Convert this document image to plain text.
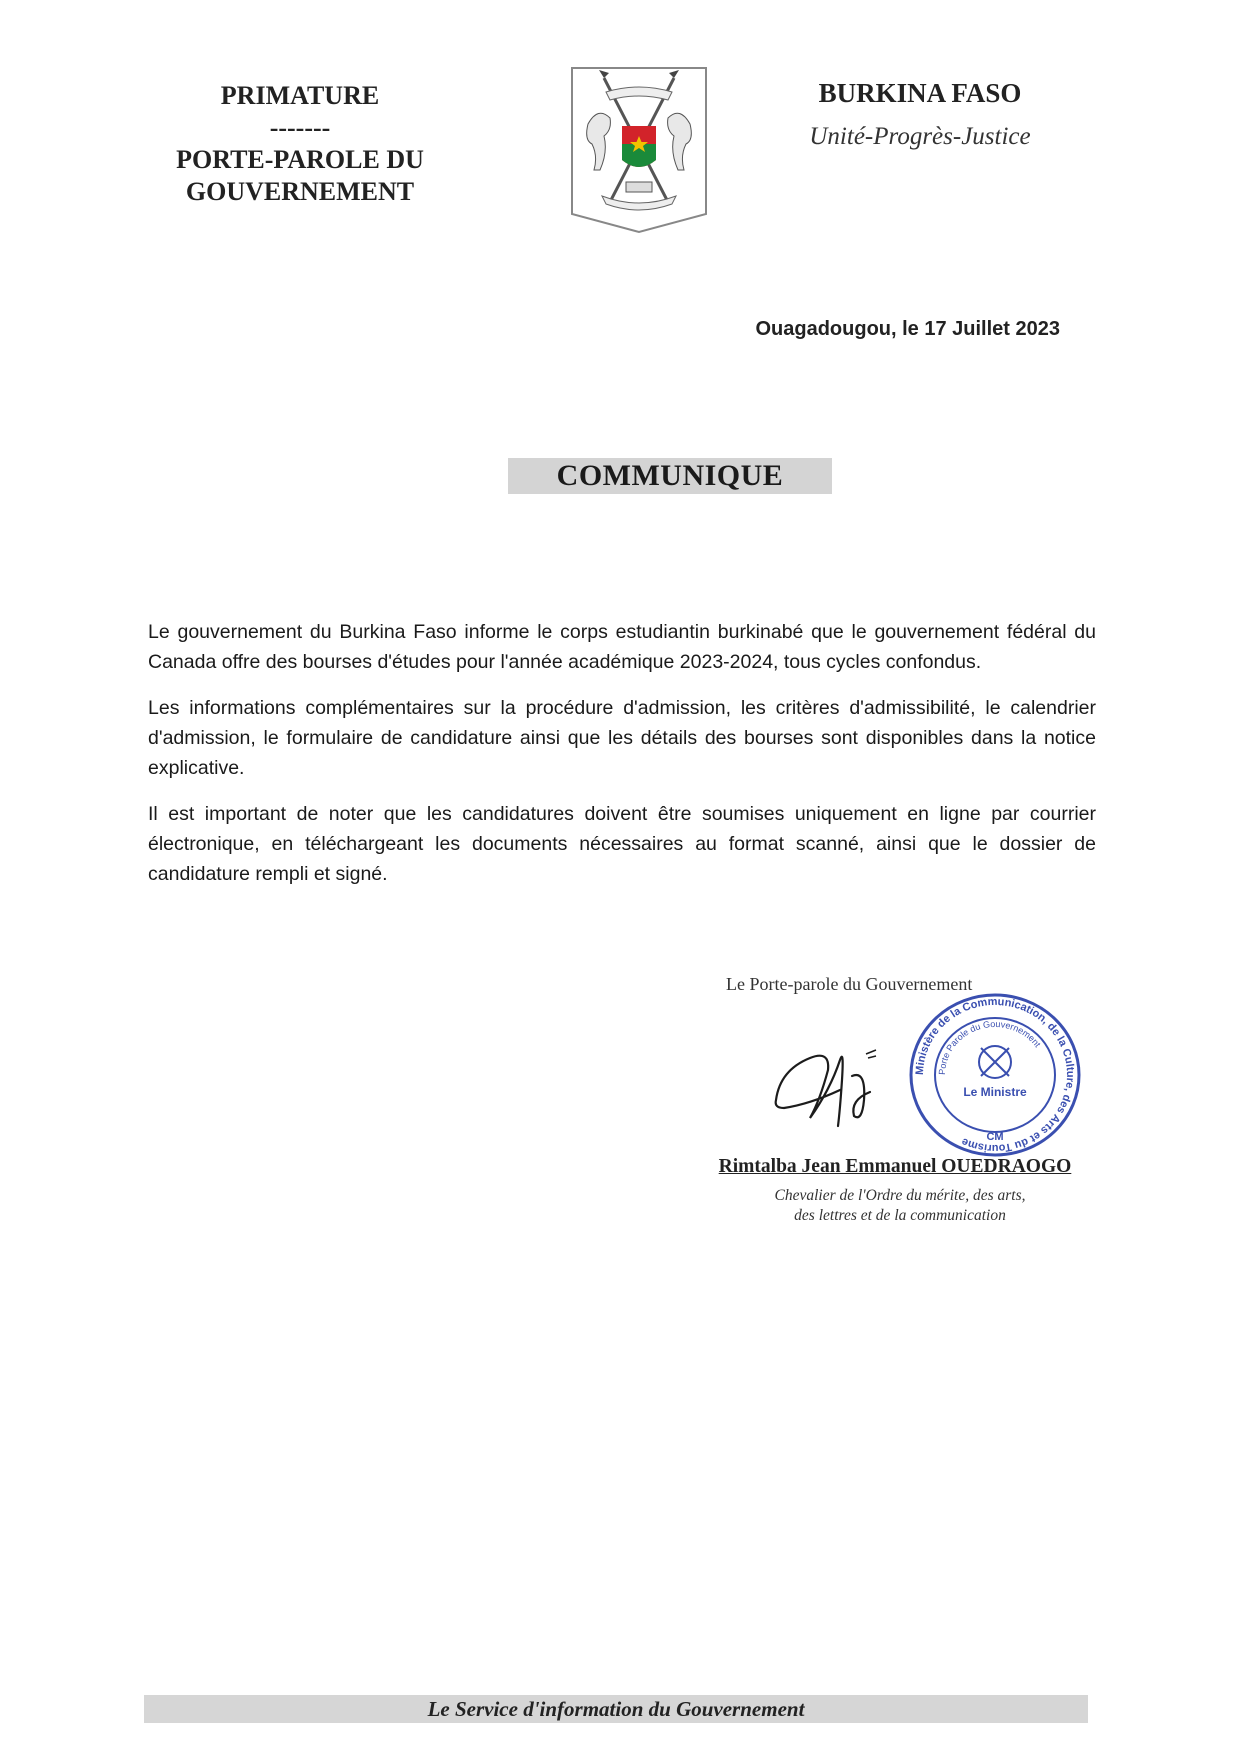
PRIMATURE
-------
PORTE-PAROLE DU
GOUVERNEMENT
BURKINA FASO
Unité-Progrès-Justice
Ouagadougou, le 17 Juillet 2023
COMMUNIQUE

Le gouvernement du Burkina Faso informe le corps estudiantin burkinabé que le gouvernement fédéral du Canada offre des bourses d'études pour l'année académique 2023-2024, tous cycles confondus.

Les informations complémentaires sur la procédure d'admission, les critères d'admissibilité, le calendrier d'admission, le formulaire de candidature ainsi que les détails des bourses sont disponibles dans la notice explicative.

Il est important de noter que les candidatures doivent être soumises uniquement en ligne par courrier électronique, en téléchargeant les documents nécessaires au format scanné, ainsi que le dossier de candidature rempli et signé.

Le Porte-parole du Gouvernement
Ministère de la Communication, de la Culture, des Arts et du Tourisme
Porte Parole du Gouvernement
Le Ministre
CM
Rimtalba Jean Emmanuel OUEDRAOGO
Chevalier de l'Ordre du mérite, des arts,
des lettres et de la communication
Le Service d'information du Gouvernement
